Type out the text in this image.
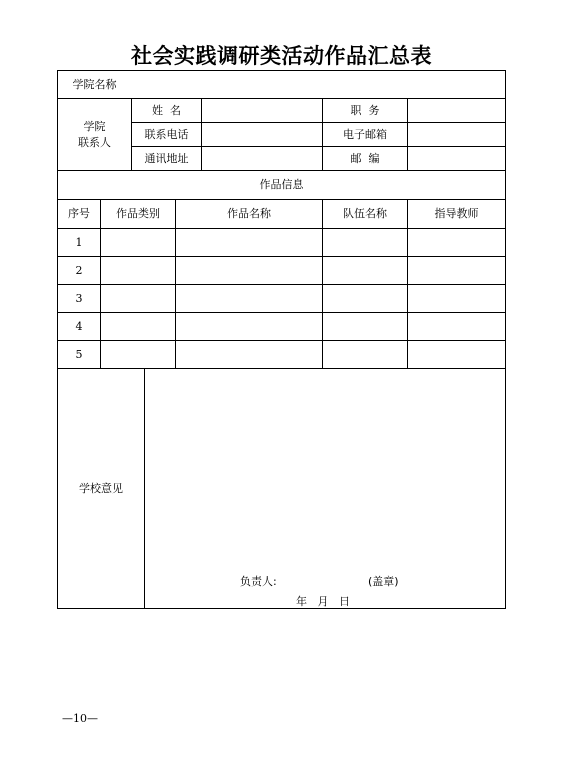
社会实践调研类活动作品汇总表
学院名称
学院
联系人
姓  名	职  务
联系电话	电子邮箱
通讯地址	邮  编
作品信息
序号	作品类别	作品名称	队伍名称	指导教师
1
2
3
4
5
学校意见
负责人:	(盖章)
年   月   日
—10—
